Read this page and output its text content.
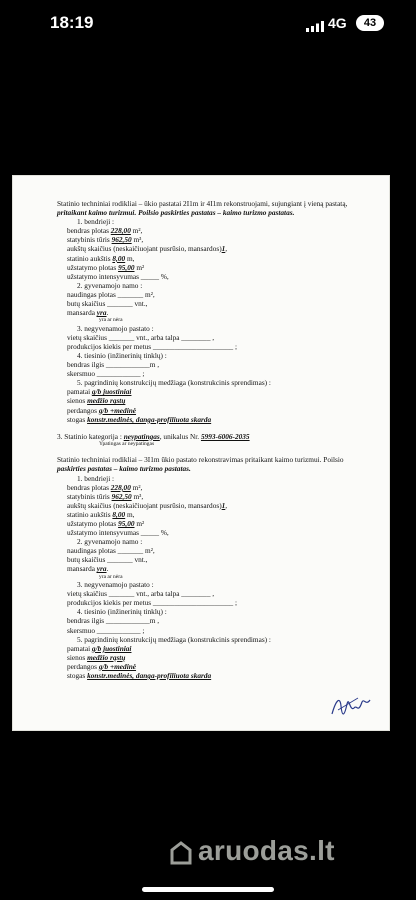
18:19	4G	43
Statinio techniniai rodikliai – ūkio pastatai 2I1m ir 4I1m rekonstruojami, sujungiant į vieną pastatą,
pritaikant kaimo turizmui. Poilsio paskirties pastatas – kaimo turizmo pastatas.
1. bendrieji :
bendras plotas 228,00 m²,
statybinis tūris 962,50 m³,
aukštų skaičius (neskaičiuojant pusrūsio, mansardos)1,
statinio aukštis 8,00 m,
užstatymo plotas 95,00 m²
užstatymo intensyvumas _____ %,
2. gyvenamojo namo :
naudingas plotas _______ m²,
butų skaičius _______ vnt.,
mansarda yra.
yra ar nėra
3. negyvenamojo pastato :
vietų skaičius _______ vnt., arba talpa ________ ,
produkcijos kiekis per metus ______________________ ;
4. tiesinio (inžinerinių tinklų) :
bendras ilgis ____________m ,
skersmuo ____________ ;
5. pagrindinių konstrukcijų medžiaga (konstrukcinis sprendimas) :
pamatai g/b juostiniai
sienos medžio rąstų
perdangos g/b +medinė
stogas konstr.medinės, danga-profiliuota skarda
3. Statinio kategorija : neypatingas, unikalus Nr. 5993-6006-2035
Ypatingas ar neypatingas
Statinio techniniai rodikliai – 3I1m ūkio pastato rekonstravimas pritaikant kaimo turizmui. Poilsio
paskirties pastatas – kaimo turizmo pastatas.
1. bendrieji :
bendras plotas 228,00 m²,
statybinis tūris 962,50 m³,
aukštų skaičius (neskaičiuojant pusrūsio, mansardos)1,
statinio aukštis 8,00 m,
užstatymo plotas 95,00 m²
užstatymo intensyvumas _____ %,
2. gyvenamojo namo :
naudingas plotas _______ m²,
butų skaičius _______ vnt.,
mansarda yra.
yra ar nėra
3. negyvenamojo pastato :
vietų skaičius _______ vnt., arba talpa ________ ,
produkcijos kiekis per metus ______________________ ;
4. tiesinio (inžinerinių tinklų) :
bendras ilgis ____________m ,
skersmuo ____________ ;
5. pagrindinių konstrukcijų medžiaga (konstrukcinis sprendimas) :
pamatai g/b juostiniai
sienos medžio rąstų
perdangos g/b +medinė
stogas konstr.medinės, danga-profiliuota skarda
aruodas.lt
